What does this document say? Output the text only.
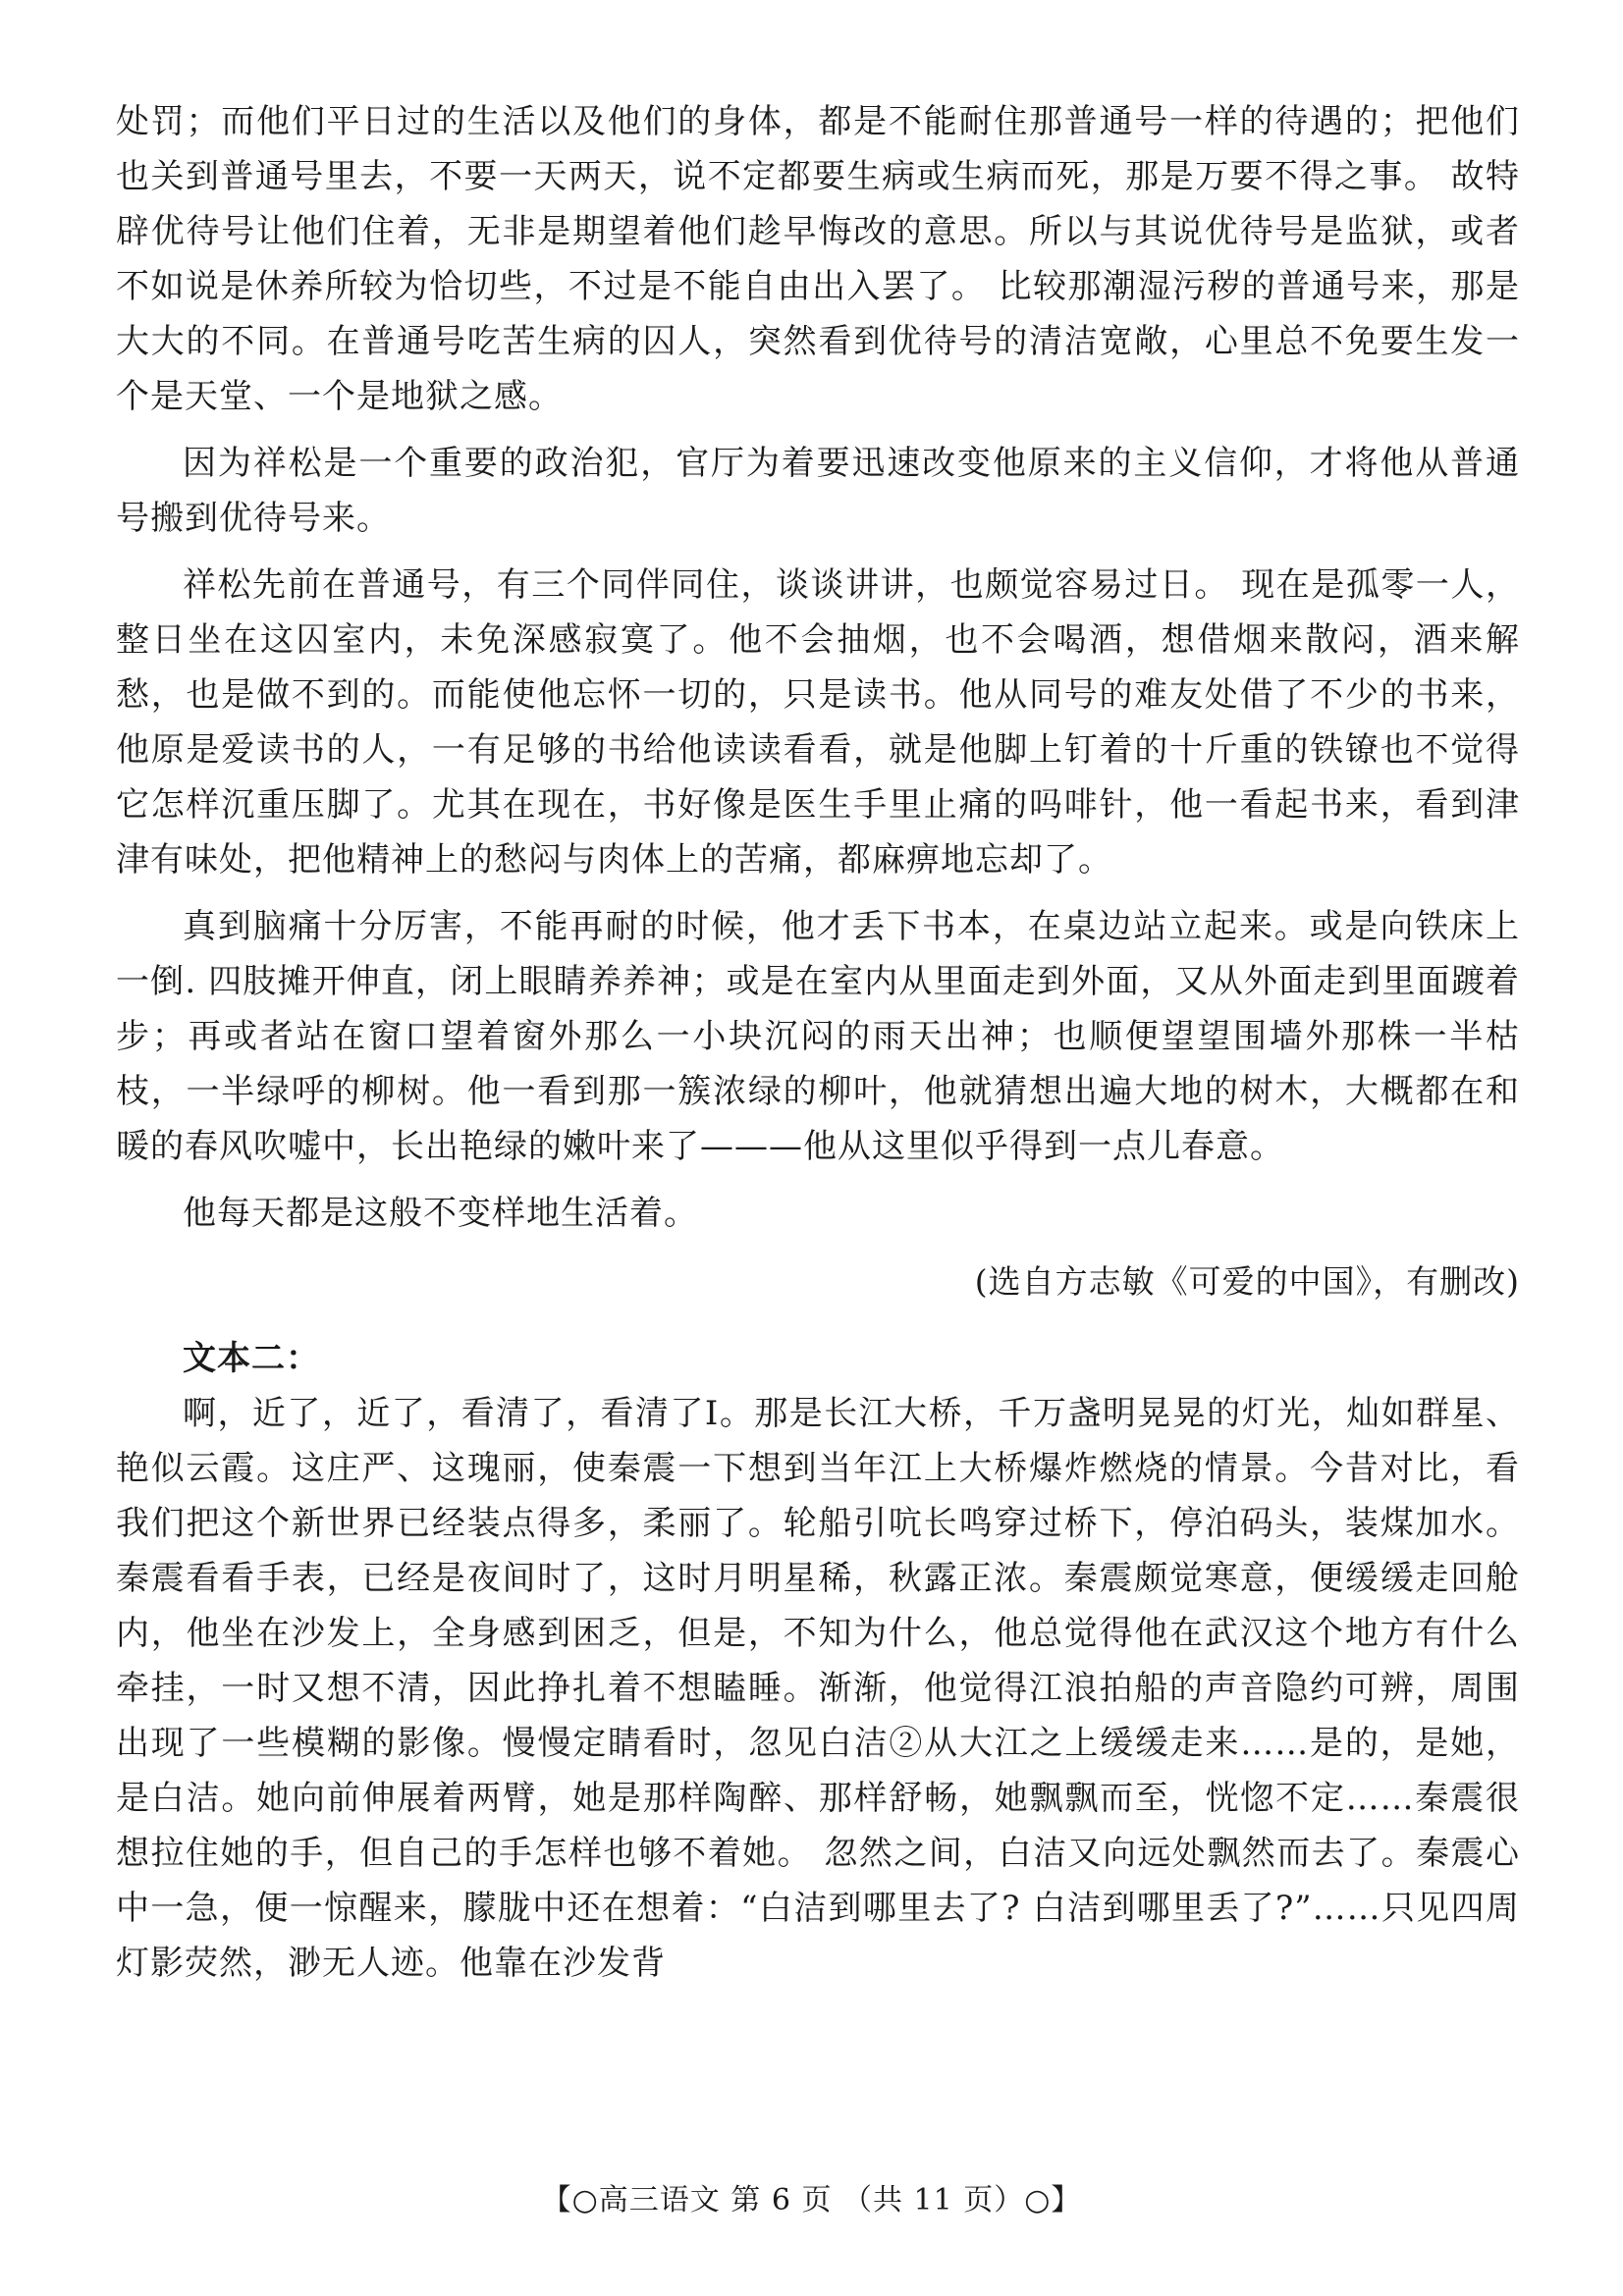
处罚；而他们平日过的生活以及他们的身体，都是不能耐住那普通号一样的待遇的；把他们也关到普通号里去，不要一天两天，说不定都要生病或生病而死，那是万要不得之事。 故特辟优待号让他们住着，无非是期望着他们趁早悔改的意思。所以与其说优待号是监狱，或者不如说是休养所较为恰切些，不过是不能自由出入罢了。 比较那潮湿污秽的普通号来，那是大大的不同。在普通号吃苦生病的囚人，突然看到优待号的清洁宽敞，心里总不免要生发一个是天堂、一个是地狱之感。

因为祥松是一个重要的政治犯，官厅为着要迅速改变他原来的主义信仰，才将他从普通号搬到优待号来。

祥松先前在普通号，有三个同伴同住，谈谈讲讲，也颇觉容易过日。 现在是孤零一人，整日坐在这囚室内，未免深感寂寞了。他不会抽烟，也不会喝酒，想借烟来散闷，酒来解愁，也是做不到的。而能使他忘怀一切的，只是读书。他从同号的难友处借了不少的书来，他原是爱读书的人，一有足够的书给他读读看看，就是他脚上钉着的十斤重的铁镣也不觉得它怎样沉重压脚了。尤其在现在，书好像是医生手里止痛的吗啡针，他一看起书来，看到津津有味处，把他精神上的愁闷与肉体上的苦痛，都麻痹地忘却了。

真到脑痛十分厉害，不能再耐的时候，他才丢下书本，在桌边站立起来。或是向铁床上一倒. 四肢摊开伸直，闭上眼睛养养神；或是在室内从里面走到外面，又从外面走到里面踱着步；再或者站在窗口望着窗外那么一小块沉闷的雨天出神；也顺便望望围墙外那株一半枯枝，一半绿呼的柳树。他一看到那一簇浓绿的柳叶，他就猜想出遍大地的树木，大概都在和暖的春风吹嘘中，长出艳绿的嫩叶来了———他从这里似乎得到一点儿春意。

他每天都是这般不变样地生活着。

(选自方志敏《可爱的中国》，有删改)

文本二：

啊，近了，近了，看清了，看清了Ⅰ。那是长江大桥，千万盏明晃晃的灯光，灿如群星、艳似云霞。这庄严、这瑰丽，使秦震一下想到当年江上大桥爆炸燃烧的情景。今昔对比，看我们把这个新世界已经装点得多，柔丽了。轮船引吭长鸣穿过桥下，停泊码头，装煤加水。秦震看看手表，已经是夜间时了，这时月明星稀，秋露正浓。秦震颇觉寒意，便缓缓走回舱内，他坐在沙发上，全身感到困乏，但是，不知为什么，他总觉得他在武汉这个地方有什么牵挂，一时又想不清，因此挣扎着不想瞌睡。渐渐，他觉得江浪拍船的声音隐约可辨，周围出现了一些模糊的影像。慢慢定睛看时，忽见白洁②从大江之上缓缓走来……是的，是她，是白洁。她向前伸展着两臂，她是那样陶醉、那样舒畅，她飘飘而至，恍惚不定……秦震很想拉住她的手，但自己的手怎样也够不着她。 忽然之间，白洁又向远处飘然而去了。秦震心中一急，便一惊醒来，朦胧中还在想着：“白洁到哪里去了? 白洁到哪里丢了?”……只见四周灯影荧然，渺无人迹。他靠在沙发背

【○高三语文 第 6 页 （共 11 页）○】
